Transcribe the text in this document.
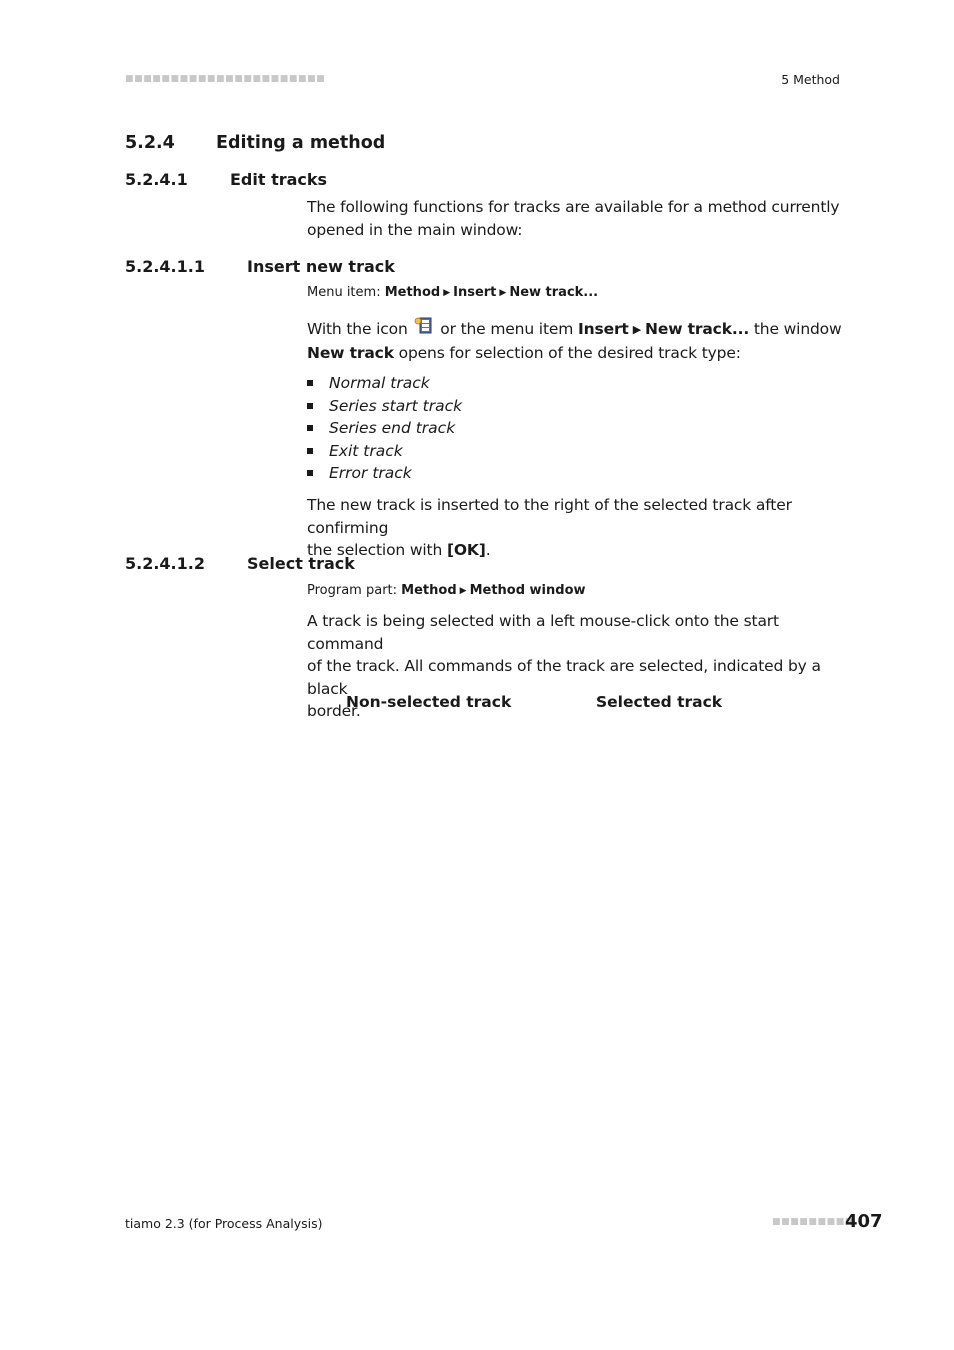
■■■■■■■■■■■■■■■■■■■■■■	5 Method
5.2.4 Editing a method
5.2.4.1	Edit tracks
The following functions for tracks are available for a method currently
opened in the main window:
5.2.4.1.1	Insert new track
Menu item: Method ▶ Insert ▶ New track...
With the icon or the menu item Insert ▶ New track... the window
New track opens for selection of the desired track type:
Normal track
Series start track
Series end track
Exit track
Error track
The new track is inserted to the right of the selected track after confirming
the selection with [OK].
5.2.4.1.2	Select track
Program part: Method ▶ Method window
A track is being selected with a left mouse-click onto the start command
of the track. All commands of the track are selected, indicated by a black
border.
Non-selected track	Selected track
tiamo 2.3 (for Process Analysis)	■■■■■■■■■
407
